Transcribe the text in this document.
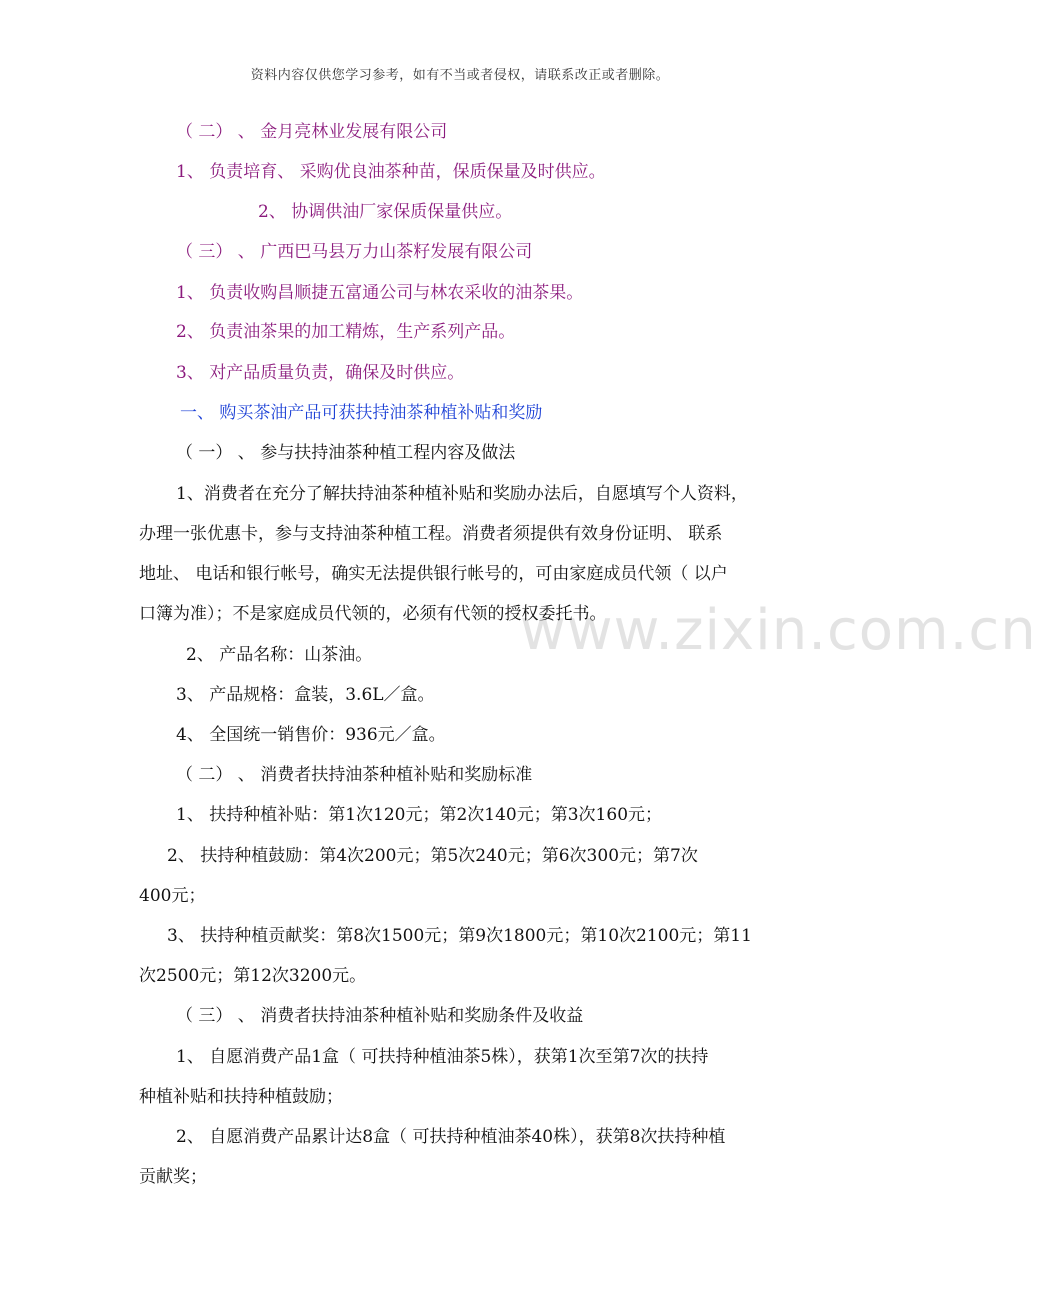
www.zixin.com.cn
资料内容仅供您学习参考，如有不当或者侵权，请联系改正或者删除。
（ 二） 、 金月亮林业发展有限公司
1、 负责培育、 采购优良油茶种苗，保质保量及时供应。
2、 协调供油厂家保质保量供应。
（ 三） 、 广西巴马县万力山茶籽发展有限公司
1、 负责收购昌顺捷五富通公司与林农采收的油茶果。
2、 负责油茶果的加工精炼，生产系列产品。
3、 对产品质量负责，确保及时供应。
一、 购买茶油产品可获扶持油茶种植补贴和奖励
（ 一） 、 参与扶持油茶种植工程内容及做法
1、消费者在充分了解扶持油茶种植补贴和奖励办法后，自愿填写个人资料，
办理一张优惠卡，参与支持油茶种植工程。消费者须提供有效身份证明、 联系
地址、 电话和银行帐号，确实无法提供银行帐号的，可由家庭成员代领（ 以户
口簿为准）；不是家庭成员代领的，必须有代领的授权委托书。
2、 产品名称：山茶油。
3、 产品规格：盒装，3.6L／盒。
4、 全国统一销售价：936元／盒。
（ 二） 、 消费者扶持油茶种植补贴和奖励标准
1、 扶持种植补贴：第1次120元；第2次140元；第3次160元；
2、 扶持种植鼓励：第4次200元；第5次240元；第6次300元；第7次
400元；
3、 扶持种植贡献奖：第8次1500元；第9次1800元；第10次2100元；第11
次2500元；第12次3200元。
（ 三） 、 消费者扶持油茶种植补贴和奖励条件及收益
1、 自愿消费产品1盒（ 可扶持种植油茶5株），获第1次至第7次的扶持
种植补贴和扶持种植鼓励；
2、 自愿消费产品累计达8盒（ 可扶持种植油茶40株），获第8次扶持种植
贡献奖；
